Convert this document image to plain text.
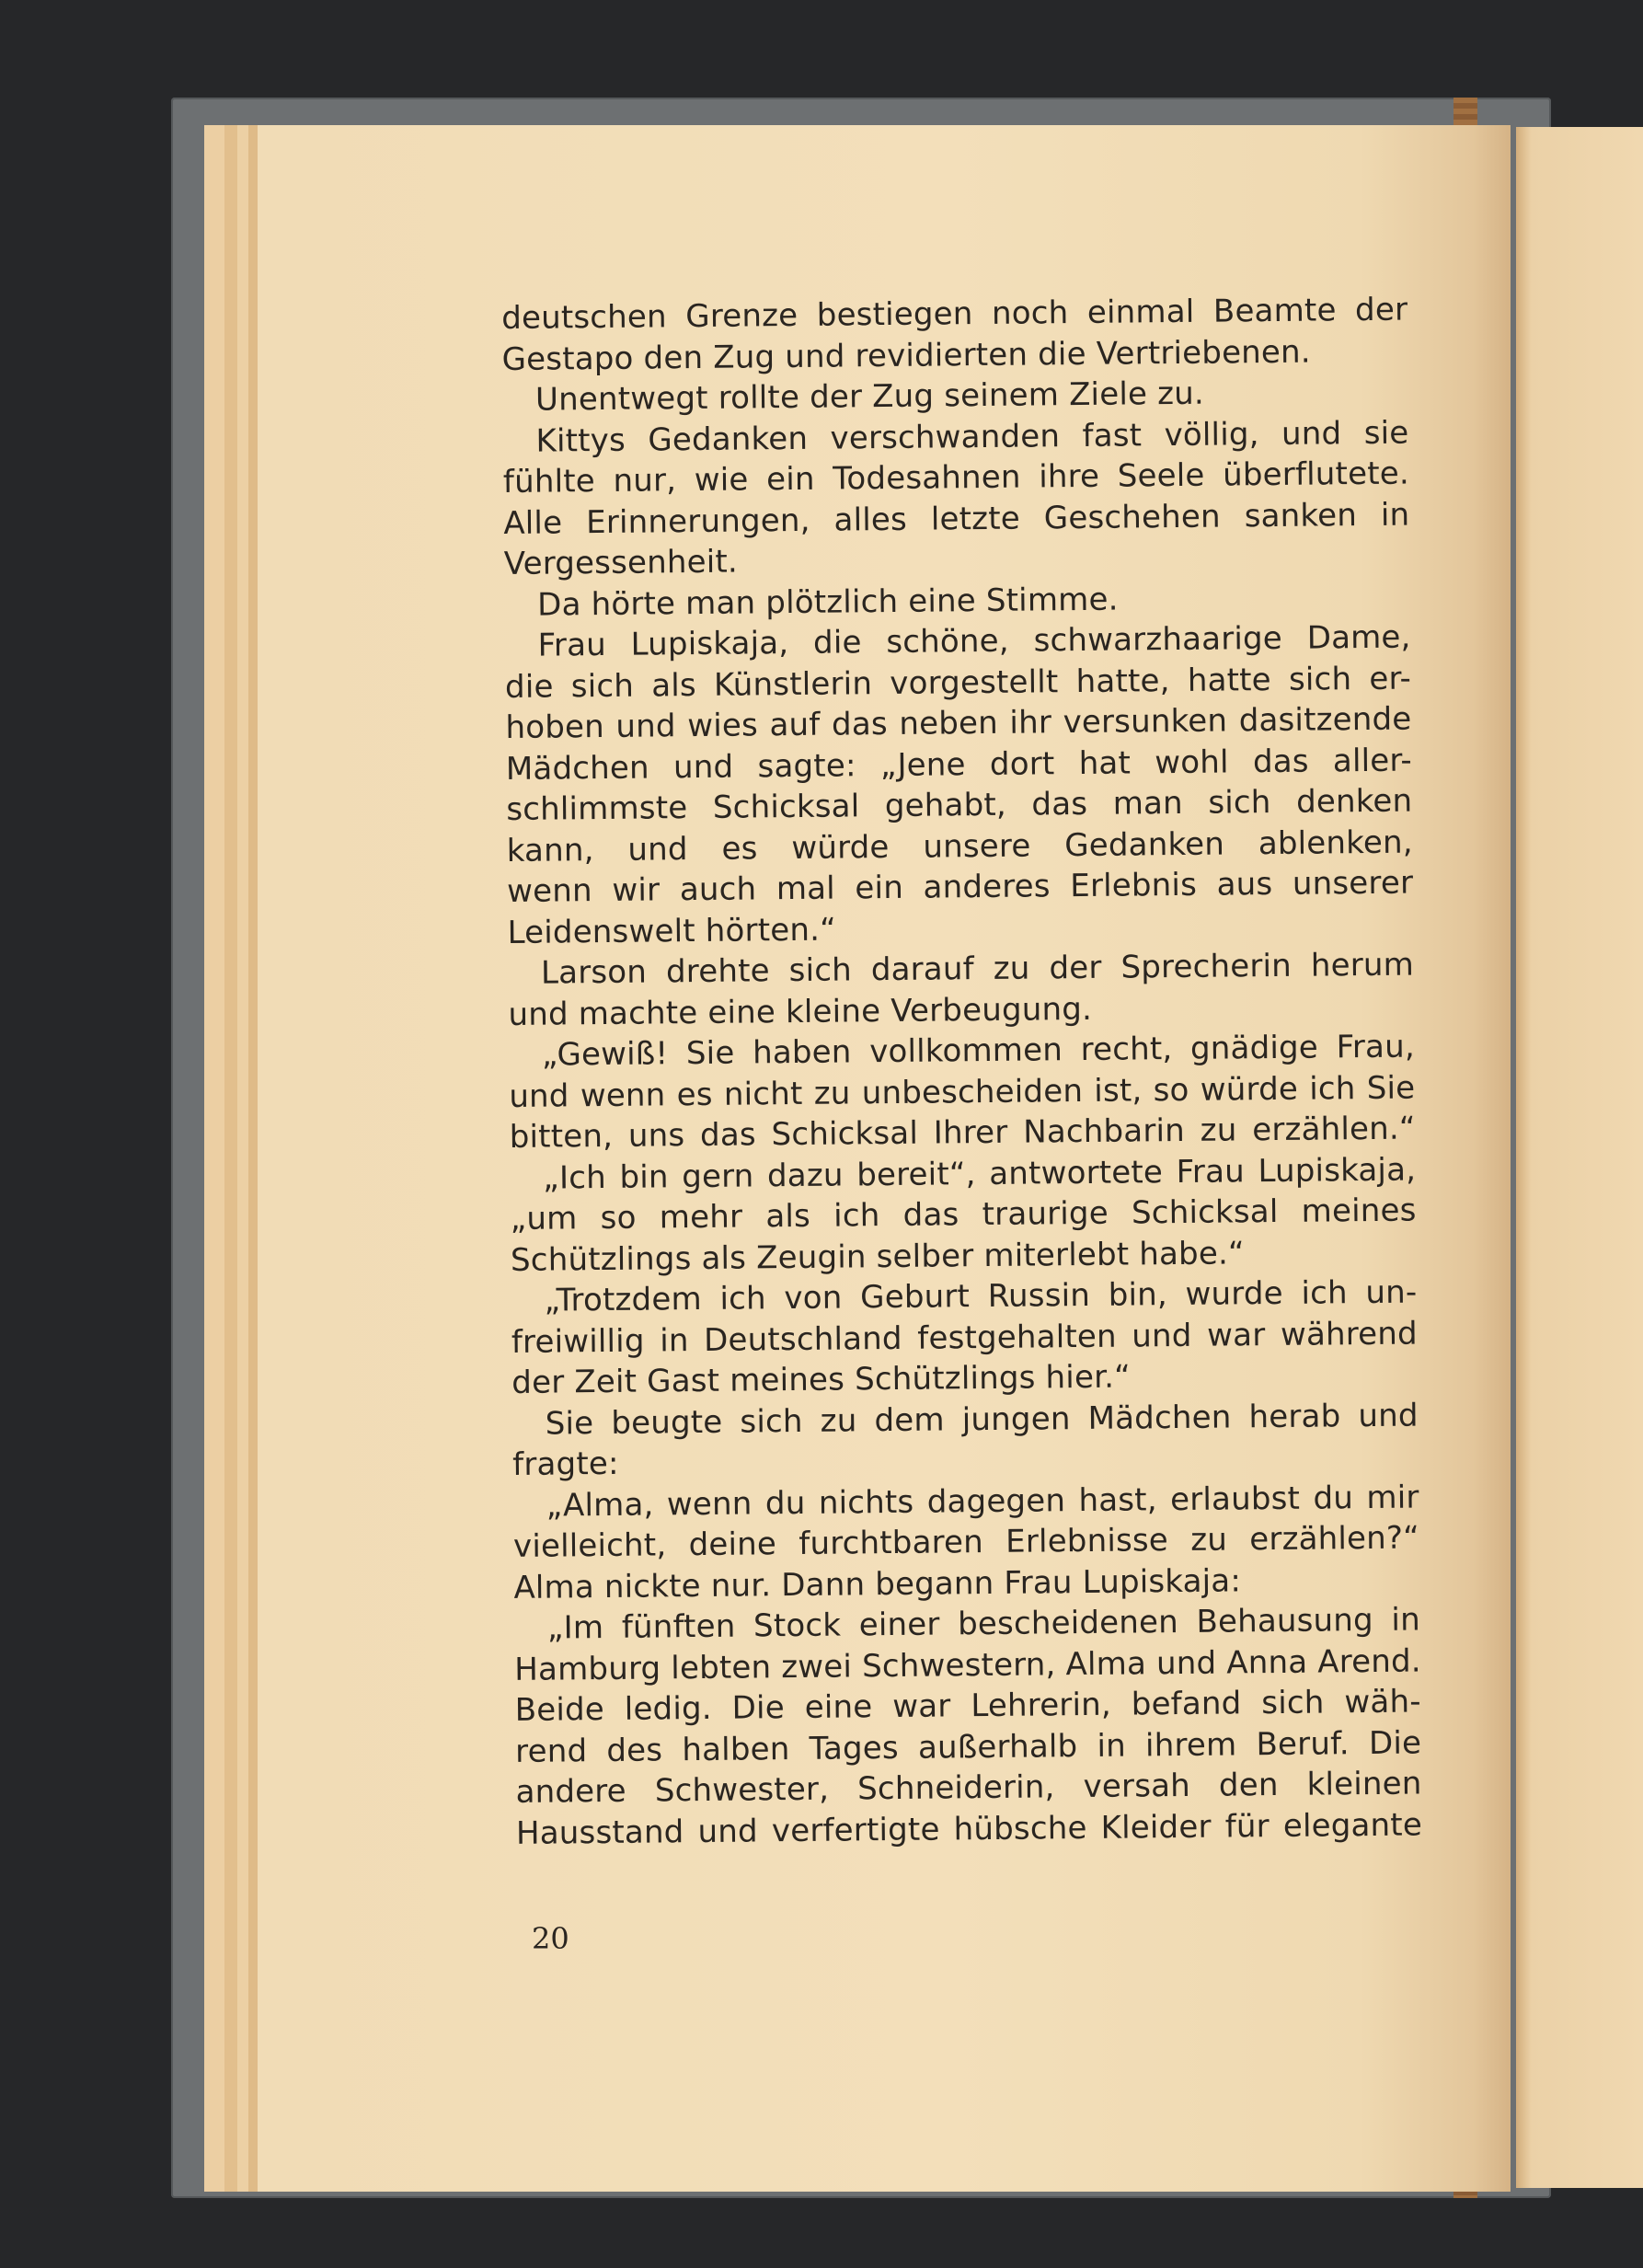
deutschen Grenze bestiegen noch einmal Beamte der
Gestapo den Zug und revidierten die Vertriebenen.
Unentwegt rollte der Zug seinem Ziele zu.
Kittys Gedanken verschwanden fast völlig, und sie
fühlte nur, wie ein Todesahnen ihre Seele überflutete.
Alle Erinnerungen, alles letzte Geschehen sanken in
Vergessenheit.
Da hörte man plötzlich eine Stimme.
Frau Lupiskaja, die schöne, schwarzhaarige Dame,
die sich als Künstlerin vorgestellt hatte, hatte sich er-
hoben und wies auf das neben ihr versunken dasitzende
Mädchen und sagte: „Jene dort hat wohl das aller-
schlimmste Schicksal gehabt, das man sich denken
kann, und es würde unsere Gedanken ablenken,
wenn wir auch mal ein anderes Erlebnis aus unserer
Leidenswelt hörten.“
Larson drehte sich darauf zu der Sprecherin herum
und machte eine kleine Verbeugung.
„Gewiß! Sie haben vollkommen recht, gnädige Frau,
und wenn es nicht zu unbescheiden ist, so würde ich Sie
bitten, uns das Schicksal Ihrer Nachbarin zu erzählen.“
„Ich bin gern dazu bereit“, antwortete Frau Lupiskaja,
„um so mehr als ich das traurige Schicksal meines
Schützlings als Zeugin selber miterlebt habe.“
„Trotzdem ich von Geburt Russin bin, wurde ich un-
freiwillig in Deutschland festgehalten und war während
der Zeit Gast meines Schützlings hier.“
Sie beugte sich zu dem jungen Mädchen herab und
fragte:
„Alma, wenn du nichts dagegen hast, erlaubst du mir
vielleicht, deine furchtbaren Erlebnisse zu erzählen?“
Alma nickte nur. Dann begann Frau Lupiskaja:
„Im fünften Stock einer bescheidenen Behausung in
Hamburg lebten zwei Schwestern, Alma und Anna Arend.
Beide ledig. Die eine war Lehrerin, befand sich wäh-
rend des halben Tages außerhalb in ihrem Beruf. Die
andere Schwester, Schneiderin, versah den kleinen
Hausstand und verfertigte hübsche Kleider für elegante
20
